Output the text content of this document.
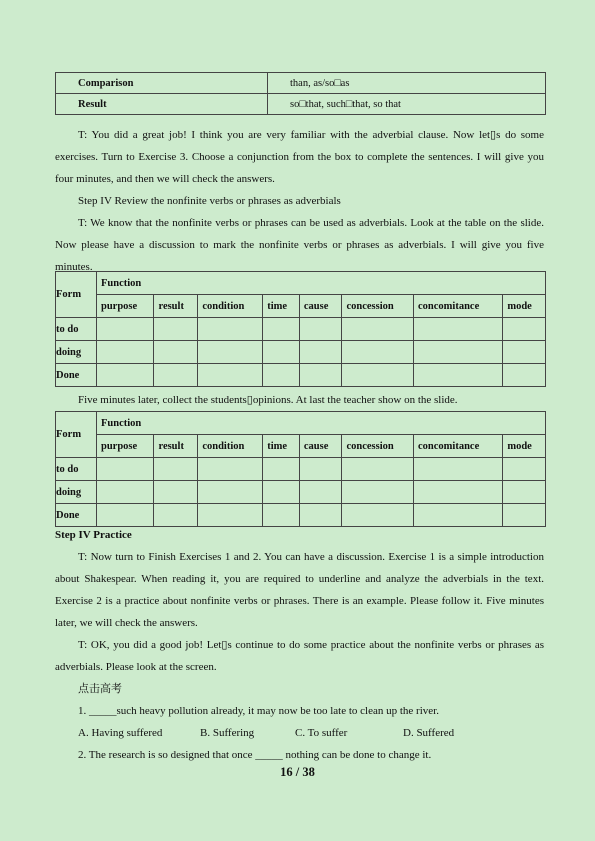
Comparison	than, as/so□as
Result	so□that, such□that, so that

T: You did a great job! I think you are very familiar with the adverbial clause. Now let▯s do some exercises. Turn to Exercise 3. Choose a conjunction from the box to complete the sentences. I will give you four minutes, and then we will check the answers.

Step IV Review the nonfinite verbs or phrases as adverbials

T: We know that the nonfinite verbs or phrases can be used as adverbials. Look at the table on the slide. Now please have a discussion to mark the nonfinite verbs or phrases as adverbials. I will give you five minutes.

Form	Function							
	purpose	result	condition	time	cause	concession	concomitance	mode
to do								
doing								
Done								

Five minutes later, collect the students▯opinions. At last the teacher show on the slide.

Form	Function							
	purpose	result	condition	time	cause	concession	concomitance	mode
to do								
doing								
Done								

Step IV Practice

T: Now turn to Finish Exercises 1 and 2. You can have a discussion. Exercise 1 is a simple introduction about Shakespear. When reading it, you are required to underline and analyze the adverbials in the text. Exercise 2 is a practice about nonfinite verbs or phrases. There is an example. Please follow it. Five minutes later, we will check the answers.

T: OK, you did a good job! Let▯s continue to do some practice about the nonfinite verbs or phrases as adverbials. Please look at the screen.

点击高考

1. _____such heavy pollution already, it may now be too late to clean up the river.

A. Having suffered	B. Suffering	C. To suffer	D. Suffered

2. The research is so designed that once _____ nothing can be done to change it.

16 / 38
